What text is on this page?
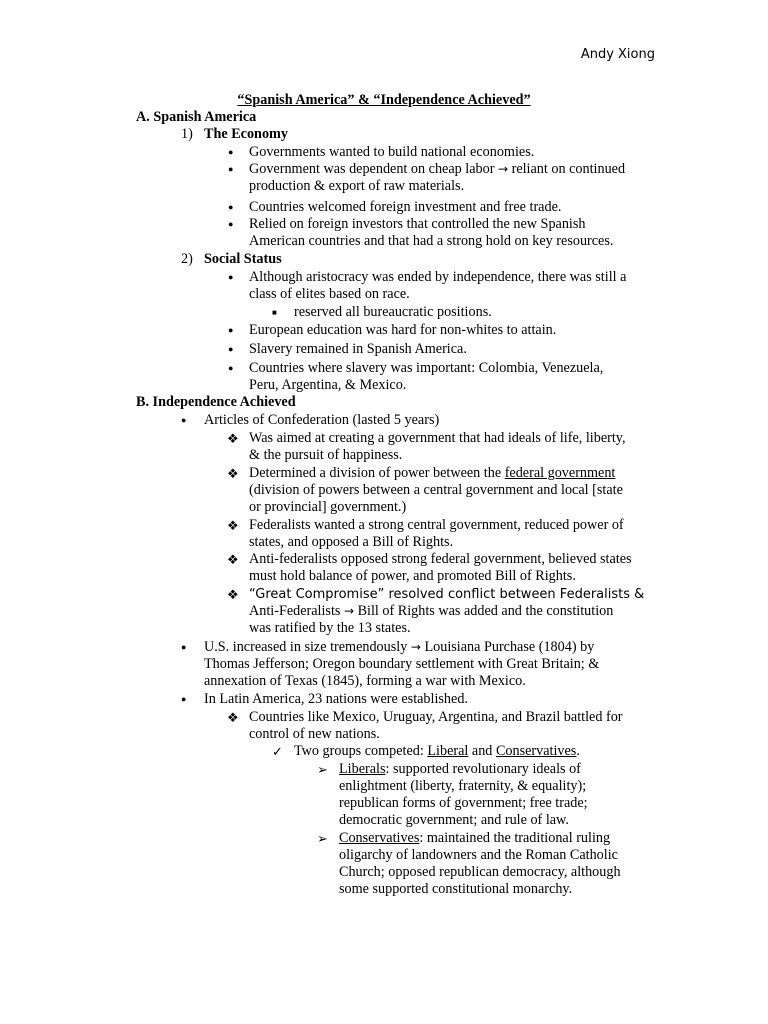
Andy Xiong
“Spanish America” & “Independence Achieved”
A. Spanish America
1) The Economy
● Governments wanted to build national economies.
● Government was dependent on cheap labor → reliant on continued
production & export of raw materials.
● Countries welcomed foreign investment and free trade.
● Relied on foreign investors that controlled the new Spanish
American countries and that had a strong hold on key resources.
2) Social Status
● Although aristocracy was ended by independence, there was still a
class of elites based on race.
■ reserved all bureaucratic positions.
● European education was hard for non-whites to attain.
● Slavery remained in Spanish America.
● Countries where slavery was important: Colombia, Venezuela,
Peru, Argentina, & Mexico.
B. Independence Achieved
● Articles of Confederation (lasted 5 years)
❖ Was aimed at creating a government that had ideals of life, liberty,
& the pursuit of happiness.
❖ Determined a division of power between the federal government
(division of powers between a central government and local [state
or provincial] government.)
❖ Federalists wanted a strong central government, reduced power of
states, and opposed a Bill of Rights.
❖ Anti-federalists opposed strong federal government, believed states
must hold balance of power, and promoted Bill of Rights.
❖ “Great Compromise” resolved conflict between Federalists &
Anti-Federalists → Bill of Rights was added and the constitution
was ratified by the 13 states.
● U.S. increased in size tremendously → Louisiana Purchase (1804) by
Thomas Jefferson; Oregon boundary settlement with Great Britain; &
annexation of Texas (1845), forming a war with Mexico.
● In Latin America, 23 nations were established.
❖ Countries like Mexico, Uruguay, Argentina, and Brazil battled for
control of new nations.
✓ Two groups competed: Liberal and Conservatives.
➢ Liberals: supported revolutionary ideals of
enlightment (liberty, fraternity, & equality);
republican forms of government; free trade;
democratic government; and rule of law.
➢ Conservatives: maintained the traditional ruling
oligarchy of landowners and the Roman Catholic
Church; opposed republican democracy, although
some supported constitutional monarchy.
